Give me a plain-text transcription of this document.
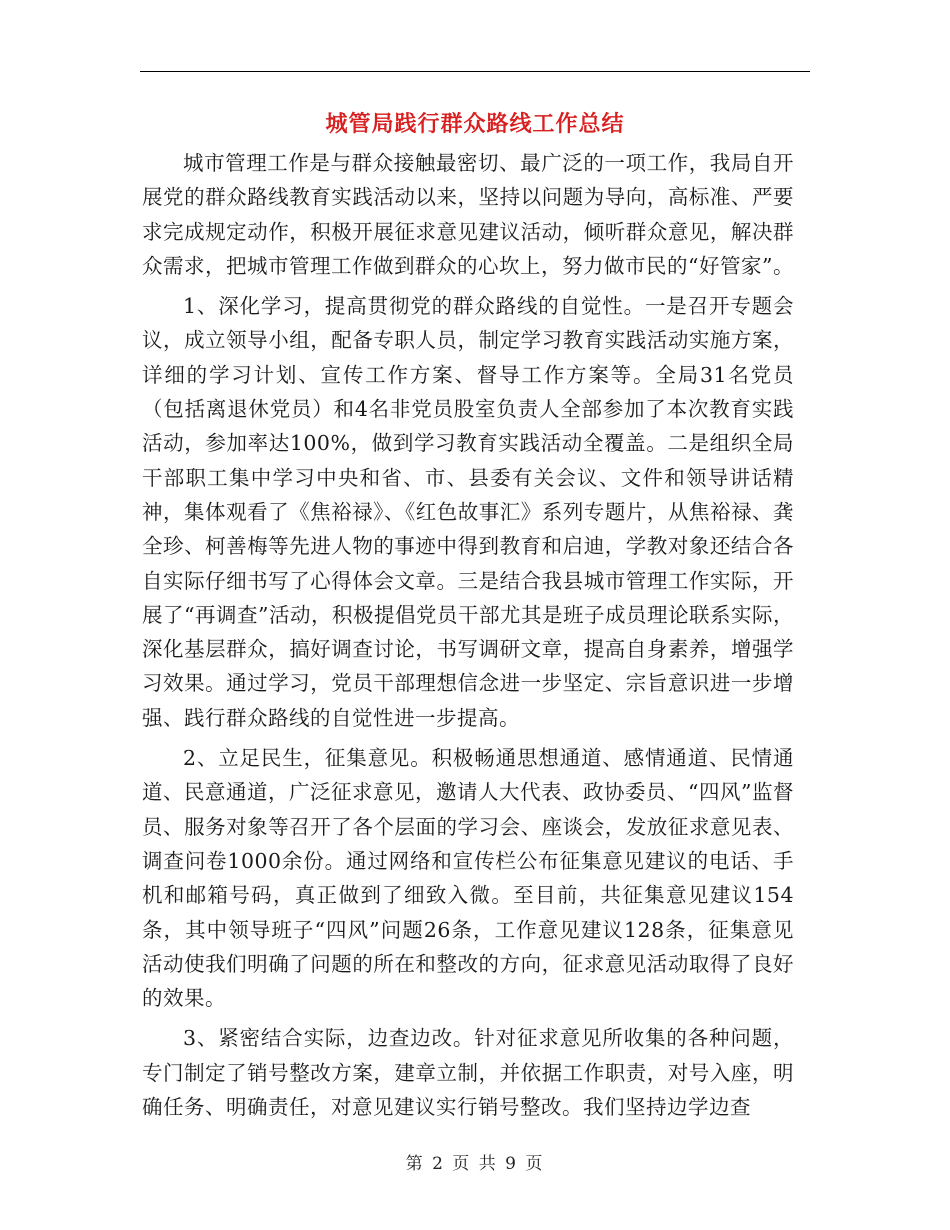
城管局践行群众路线工作总结

城市管理工作是与群众接触最密切、最广泛的一项工作，我局自开展党的群众路线教育实践活动以来，坚持以问题为导向，高标准、严要求完成规定动作，积极开展征求意见建议活动，倾听群众意见，解决群众需求，把城市管理工作做到群众的心坎上，努力做市民的“好管家”。

1、深化学习，提高贯彻党的群众路线的自觉性。一是召开专题会议，成立领导小组，配备专职人员，制定学习教育实践活动实施方案，详细的学习计划、宣传工作方案、督导工作方案等。全局31名党员（包括离退休党员）和4名非党员股室负责人全部参加了本次教育实践活动，参加率达100%，做到学习教育实践活动全覆盖。二是组织全局干部职工集中学习中央和省、市、县委有关会议、文件和领导讲话精神，集体观看了《焦裕禄》、《红色故事汇》系列专题片，从焦裕禄、龚全珍、柯善梅等先进人物的事迹中得到教育和启迪，学教对象还结合各自实际仔细书写了心得体会文章。三是结合我县城市管理工作实际，开展了“再调查”活动，积极提倡党员干部尤其是班子成员理论联系实际，深化基层群众，搞好调查讨论，书写调研文章，提高自身素养，增强学习效果。通过学习，党员干部理想信念进一步坚定、宗旨意识进一步增强、践行群众路线的自觉性进一步提高。

2、立足民生，征集意见。积极畅通思想通道、感情通道、民情通道、民意通道，广泛征求意见，邀请人大代表、政协委员、“四风”监督员、服务对象等召开了各个层面的学习会、座谈会，发放征求意见表、调查问卷1000余份。通过网络和宣传栏公布征集意见建议的电话、手机和邮箱号码，真正做到了细致入微。至目前，共征集意见建议154条，其中领导班子“四风”问题26条，工作意见建议128条，征集意见活动使我们明确了问题的所在和整改的方向，征求意见活动取得了良好的效果。

3、紧密结合实际，边查边改。针对征求意见所收集的各种问题，专门制定了销号整改方案，建章立制，并依据工作职责，对号入座，明确任务、明确责任，对意见建议实行销号整改。我们坚持边学边查

第 2 页 共 9 页
